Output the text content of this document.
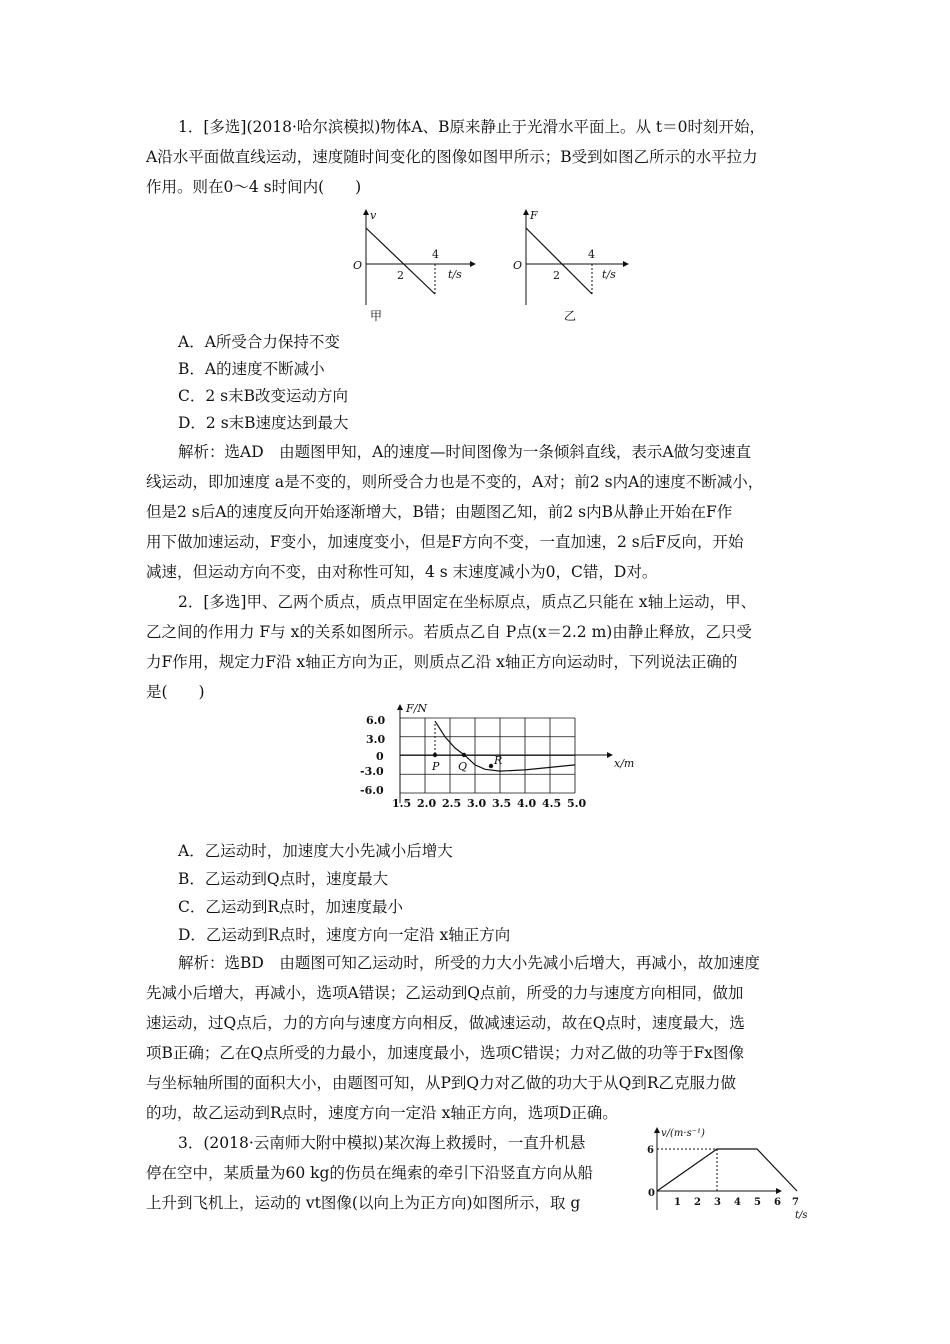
1．[多选](2018·哈尔滨模拟)物体A、B原来静止于光滑水平面上。从 t＝0时刻开始，
A沿水平面做直线运动，速度随时间变化的图像如图甲所示；B受到如图乙所示的水平拉力
作用。则在0～4 s时间内(　　)
v
O
2
4
t/s
甲
F
O
2
4
t/s
乙
A．A所受合力保持不变
B．A的速度不断减小
C．2 s末B改变运动方向
D．2 s末B速度达到最大
解析：选AD　由题图甲知，A的速度—时间图像为一条倾斜直线，表示A做匀变速直
线运动，即加速度 a是不变的，则所受合力也是不变的，A对；前2 s内A的速度不断减小，
但是2 s后A的速度反向开始逐渐增大，B错；由题图乙知，前2 s内B从静止开始在F作
用下做加速运动，F变小，加速度变小，但是F方向不变，一直加速，2 s后F反向，开始
减速，但运动方向不变，由对称性可知，4 s 末速度减小为0，C错，D对。
2．[多选]甲、乙两个质点，质点甲固定在坐标原点，质点乙只能在 x轴上运动，甲、
乙之间的作用力 F与 x的关系如图所示。若质点乙自 P点(x＝2.2 m)由静止释放，乙只受
力F作用，规定力F沿 x轴正方向为正，则质点乙沿 x轴正方向运动时，下列说法正确的
是(　　)
F/N
x/m
6.0
3.0
0
-3.0
-6.0
1.5 2.0 2.5 3.0 3.5 4.0 4.5 5.0
P Q R
A．乙运动时，加速度大小先减小后增大
B．乙运动到Q点时，速度最大
C．乙运动到R点时，加速度最小
D．乙运动到R点时，速度方向一定沿 x轴正方向
解析：选BD　由题图可知乙运动时，所受的力大小先减小后增大，再减小，故加速度
先减小后增大，再减小，选项A错误；乙运动到Q点前，所受的力与速度方向相同，做加
速运动，过Q点后，力的方向与速度方向相反，做减速运动，故在Q点时，速度最大，选
项B正确；乙在Q点所受的力最小，加速度最小，选项C错误；力对乙做的功等于Fx图像
与坐标轴所围的面积大小，由题图可知，从P到Q力对乙做的功大于从Q到R乙克服力做
的功，故乙运动到R点时，速度方向一定沿 x轴正方向，选项D正确。
3．(2018·云南师大附中模拟)某次海上救援时，一直升机悬
停在空中，某质量为60 kg的伤员在绳索的牵引下沿竖直方向从船
上升到飞机上，运动的 vt图像(以向上为正方向)如图所示，取 g
v/(m·s⁻¹)
0
6
1 2 3 4 5 6 7
t/s
